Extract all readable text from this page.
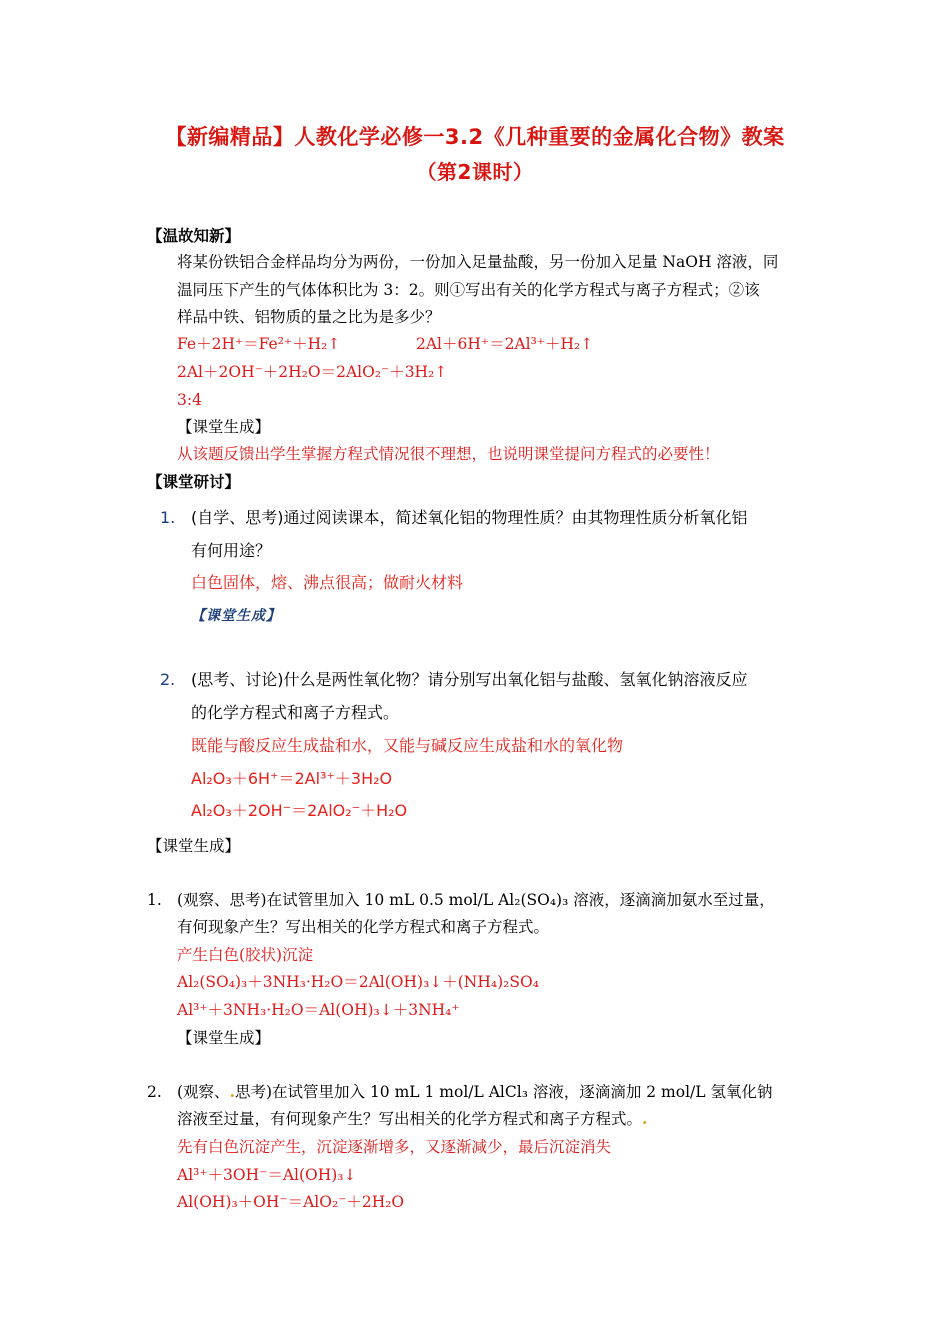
【新编精品】人教化学必修一3.2《几种重要的金属化合物》教案
（第2课时）
【温故知新】
将某份铁铝合金样品均分为两份，一份加入足量盐酸，另一份加入足量 NaOH 溶液，同
温同压下产生的气体体积比为 3：2。则①写出有关的化学方程式与离子方程式；②该
样品中铁、铝物质的量之比为是多少？
Fe＋2H⁺＝Fe²⁺＋H₂↑	2Al＋6H⁺＝2Al³⁺＋H₂↑
2Al＋2OH⁻＋2H₂O＝2AlO₂⁻＋3H₂↑
3:4
【课堂生成】
从该题反馈出学生掌握方程式情况很不理想，也说明课堂提问方程式的必要性！
【课堂研讨】
1. (自学、思考)通过阅读课本，简述氧化铝的物理性质？由其物理性质分析氧化铝
有何用途？
白色固体，熔、沸点很高；做耐火材料
【课堂生成】
2. (思考、讨论)什么是两性氧化物？请分别写出氧化铝与盐酸、氢氧化钠溶液反应
的化学方程式和离子方程式。
既能与酸反应生成盐和水，又能与碱反应生成盐和水的氧化物
Al₂O₃＋6H⁺＝2Al³⁺＋3H₂O
Al₂O₃＋2OH⁻＝2AlO₂⁻＋H₂O
【课堂生成】
1. (观察、思考)在试管里加入 10 mL 0.5 mol/L Al₂(SO₄)₃ 溶液，逐滴滴加氨水至过量，
有何现象产生？写出相关的化学方程式和离子方程式。
产生白色(胶状)沉淀
Al₂(SO₄)₃＋3NH₃·H₂O＝2Al(OH)₃↓＋(NH₄)₂SO₄
Al³⁺＋3NH₃·H₂O＝Al(OH)₃↓＋3NH₄⁺
【课堂生成】
2. (观察、.思考)在试管里加入 10 mL 1 mol/L AlCl₃ 溶液，逐滴滴加 2 mol/L 氢氧化钠
溶液至过量，有何现象产生？写出相关的化学方程式和离子方程式。.
先有白色沉淀产生，沉淀逐渐增多，又逐渐减少，最后沉淀消失
Al³⁺＋3OH⁻＝Al(OH)₃↓
Al(OH)₃＋OH⁻＝AlO₂⁻＋2H₂O
